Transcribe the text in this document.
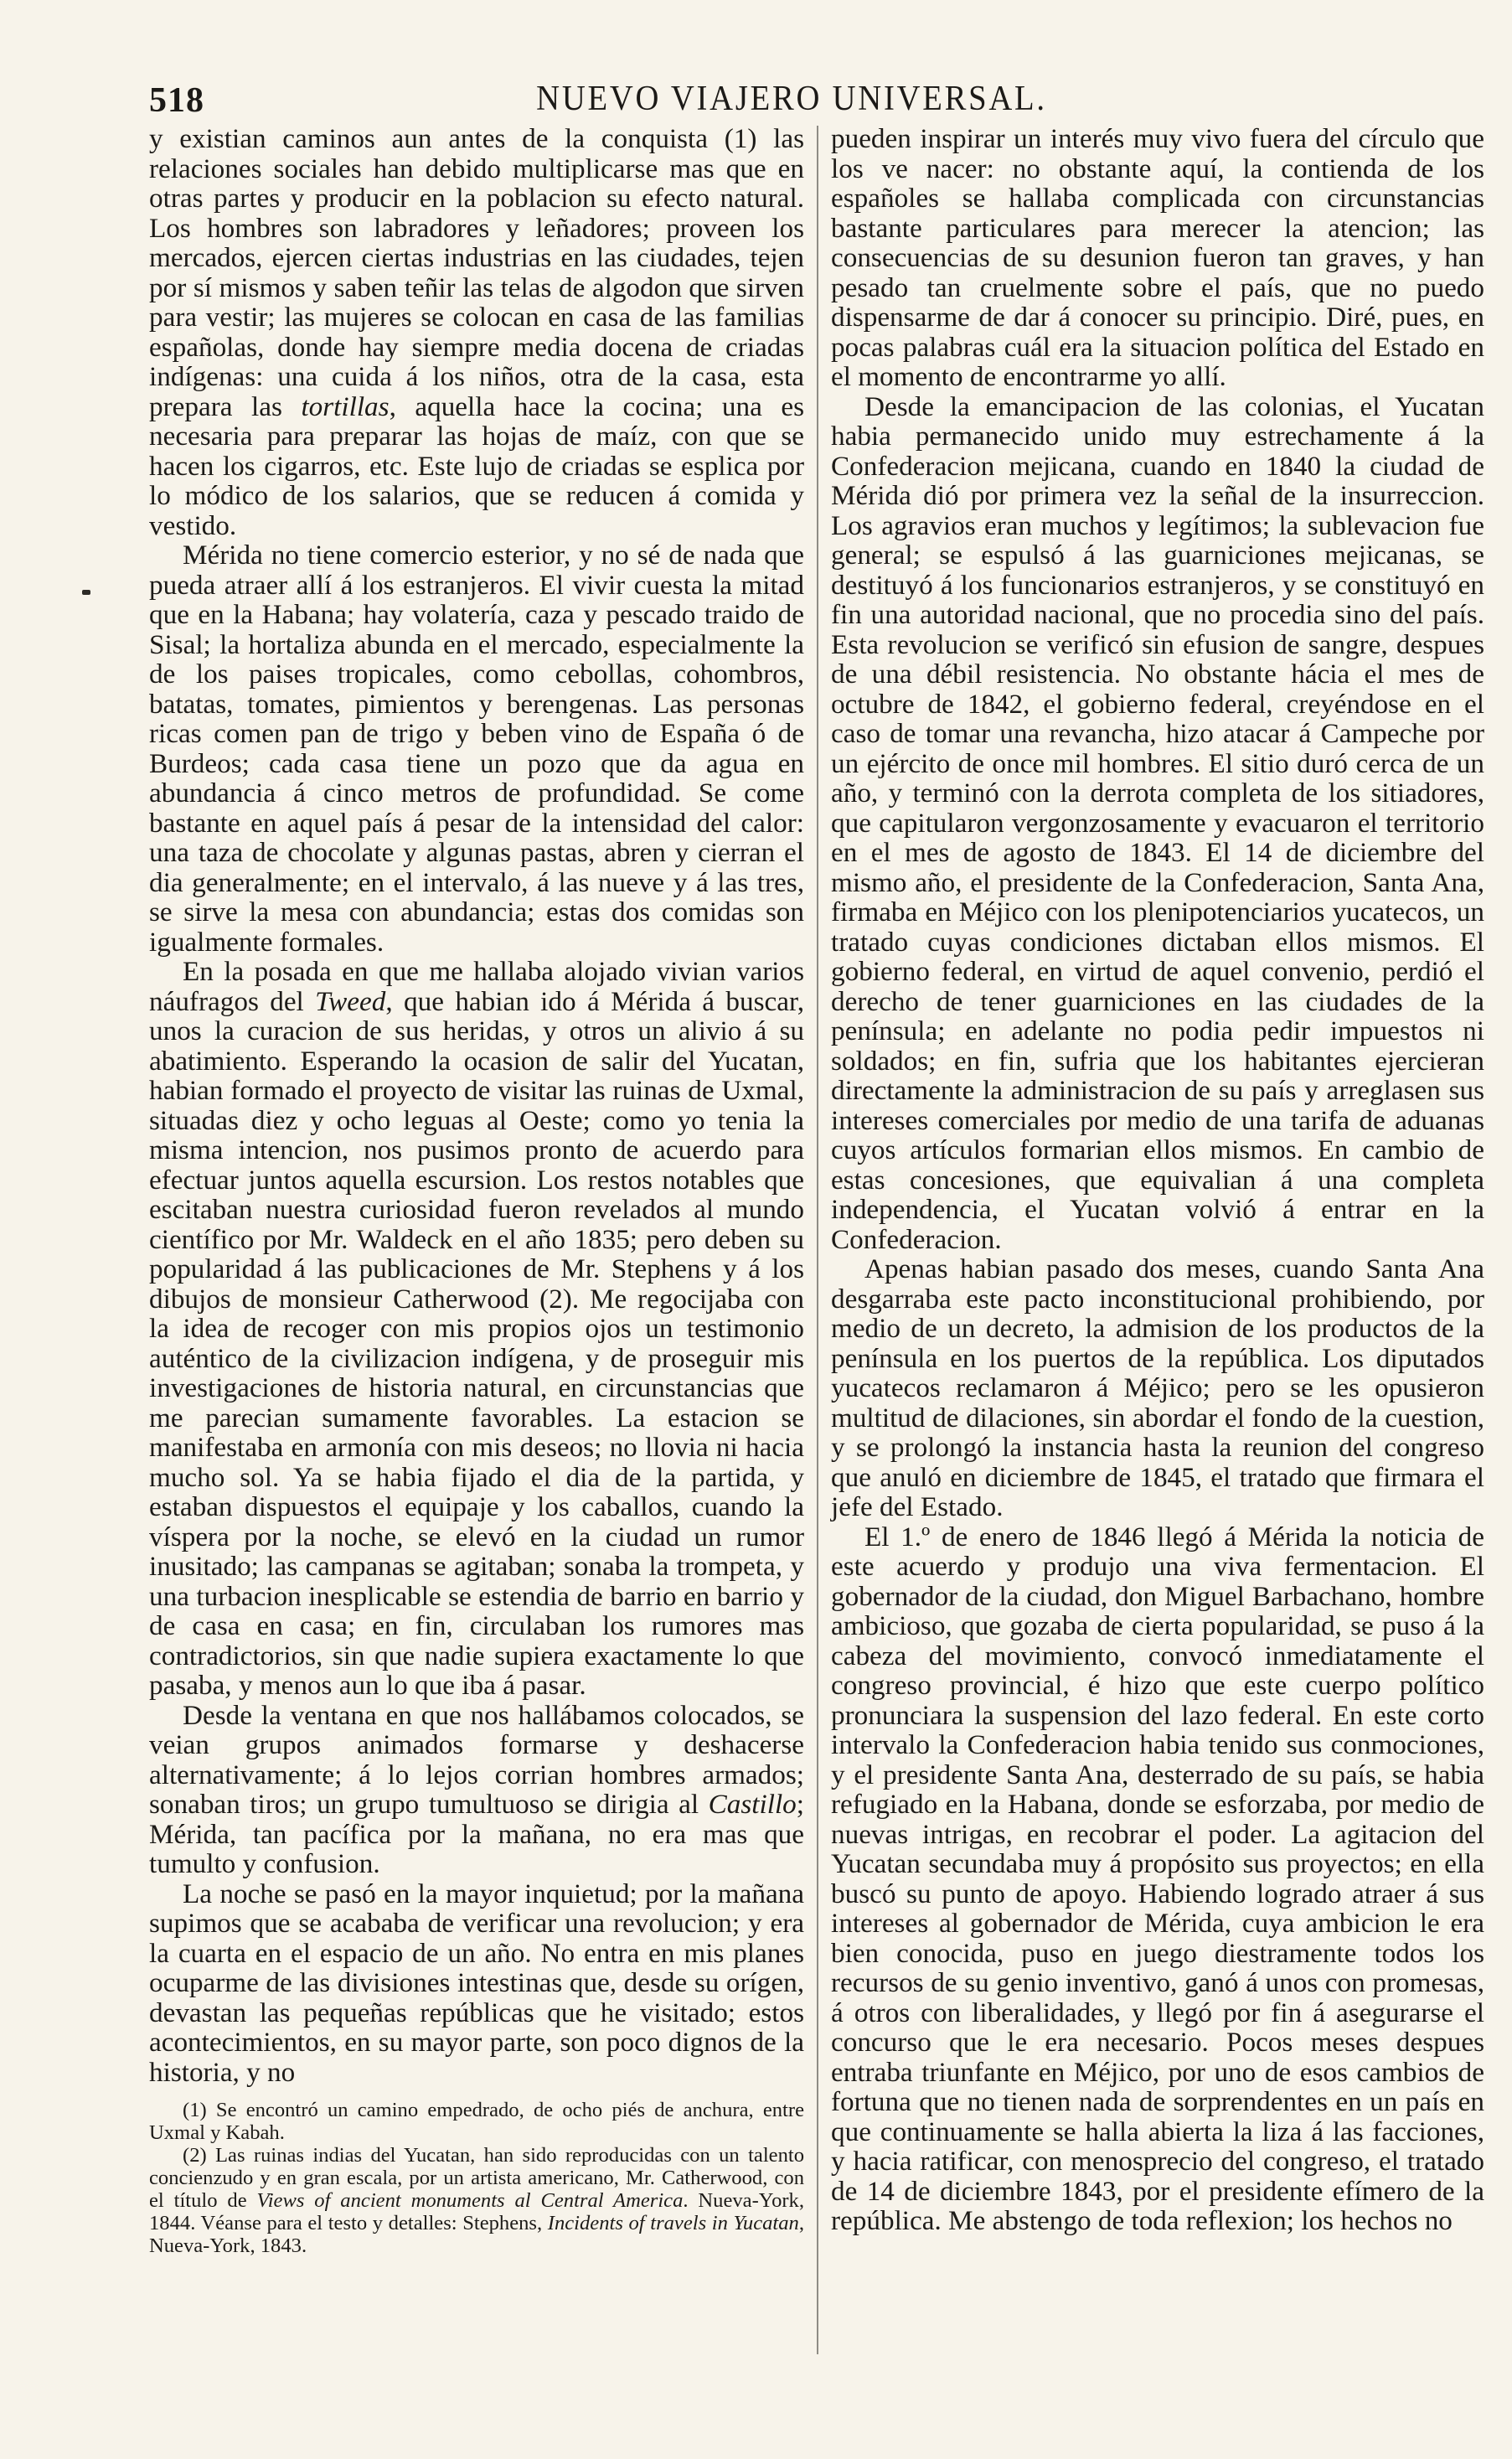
518	NUEVO VIAJERO UNIVERSAL.

y existian caminos aun antes de la conquista (1) las relaciones sociales han debido multiplicarse mas que en otras partes y producir en la poblacion su efecto natural. Los hombres son labradores y leñadores; proveen los mercados, ejercen ciertas industrias en las ciudades, tejen por sí mismos y saben teñir las telas de algodon que sirven para vestir; las mujeres se colocan en casa de las familias españolas, donde hay siempre media docena de criadas indígenas: una cuida á los niños, otra de la casa, esta prepara las tortillas, aquella hace la cocina; una es necesaria para preparar las hojas de maíz, con que se hacen los cigarros, etc. Este lujo de criadas se esplica por lo módico de los salarios, que se reducen á comida y vestido.

Mérida no tiene comercio esterior, y no sé de nada que pueda atraer allí á los estranjeros. El vivir cuesta la mitad que en la Habana; hay volatería, caza y pescado traido de Sisal; la hortaliza abunda en el mercado, especialmente la de los paises tropicales, como cebollas, cohombros, batatas, tomates, pimientos y berengenas. Las personas ricas comen pan de trigo y beben vino de España ó de Burdeos; cada casa tiene un pozo que da agua en abundancia á cinco metros de profundidad. Se come bastante en aquel país á pesar de la intensidad del calor: una taza de chocolate y algunas pastas, abren y cierran el dia generalmente; en el intervalo, á las nueve y á las tres, se sirve la mesa con abundancia; estas dos comidas son igualmente formales.

En la posada en que me hallaba alojado vivian varios náufragos del Tweed, que habian ido á Mérida á buscar, unos la curacion de sus heridas, y otros un alivio á su abatimiento. Esperando la ocasion de salir del Yucatan, habian formado el proyecto de visitar las ruinas de Uxmal, situadas diez y ocho leguas al Oeste; como yo tenia la misma intencion, nos pusimos pronto de acuerdo para efectuar juntos aquella escursion. Los restos notables que escitaban nuestra curiosidad fueron revelados al mundo científico por Mr. Waldeck en el año 1835; pero deben su popularidad á las publicaciones de Mr. Stephens y á los dibujos de monsieur Catherwood (2). Me regocijaba con la idea de recoger con mis propios ojos un testimonio auténtico de la civilizacion indígena, y de proseguir mis investigaciones de historia natural, en circunstancias que me parecian sumamente favorables. La estacion se manifestaba en armonía con mis deseos; no llovia ni hacia mucho sol. Ya se habia fijado el dia de la partida, y estaban dispuestos el equipaje y los caballos, cuando la víspera por la noche, se elevó en la ciudad un rumor inusitado; las campanas se agitaban; sonaba la trompeta, y una turbacion inesplicable se estendia de barrio en barrio y de casa en casa; en fin, circulaban los rumores mas contradictorios, sin que nadie supiera exactamente lo que pasaba, y menos aun lo que iba á pasar.

Desde la ventana en que nos hallábamos colocados, se veian grupos animados formarse y deshacerse alternativamente; á lo lejos corrian hombres armados; sonaban tiros; un grupo tumultuoso se dirigia al Castillo; Mérida, tan pacífica por la mañana, no era mas que tumulto y confusion.

La noche se pasó en la mayor inquietud; por la mañana supimos que se acababa de verificar una revolucion; y era la cuarta en el espacio de un año. No entra en mis planes ocuparme de las divisiones intestinas que, desde su orígen, devastan las pequeñas repúblicas que he visitado; estos acontecimientos, en su mayor parte, son poco dignos de la historia, y no

(1) Se encontró un camino empedrado, de ocho piés de anchura, entre Uxmal y Kabah.

(2) Las ruinas indias del Yucatan, han sido reproducidas con un talento concienzudo y en gran escala, por un artista americano, Mr. Catherwood, con el título de Views of ancient monuments al Central America. Nueva-York, 1844. Véanse para el testo y detalles: Stephens, Incidents of travels in Yucatan, Nueva-York, 1843.

pueden inspirar un interés muy vivo fuera del círculo que los ve nacer: no obstante aquí, la contienda de los españoles se hallaba complicada con circunstancias bastante particulares para merecer la atencion; las consecuencias de su desunion fueron tan graves, y han pesado tan cruelmente sobre el país, que no puedo dispensarme de dar á conocer su principio. Diré, pues, en pocas palabras cuál era la situacion política del Estado en el momento de encontrarme yo allí.

Desde la emancipacion de las colonias, el Yucatan habia permanecido unido muy estrechamente á la Confederacion mejicana, cuando en 1840 la ciudad de Mérida dió por primera vez la señal de la insurreccion. Los agravios eran muchos y legítimos; la sublevacion fue general; se espulsó á las guarniciones mejicanas, se destituyó á los funcionarios estranjeros, y se constituyó en fin una autoridad nacional, que no procedia sino del país. Esta revolucion se verificó sin efusion de sangre, despues de una débil resistencia. No obstante hácia el mes de octubre de 1842, el gobierno federal, creyéndose en el caso de tomar una revancha, hizo atacar á Campeche por un ejército de once mil hombres. El sitio duró cerca de un año, y terminó con la derrota completa de los sitiadores, que capitularon vergonzosamente y evacuaron el territorio en el mes de agosto de 1843. El 14 de diciembre del mismo año, el presidente de la Confederacion, Santa Ana, firmaba en Méjico con los plenipotenciarios yucatecos, un tratado cuyas condiciones dictaban ellos mismos. El gobierno federal, en virtud de aquel convenio, perdió el derecho de tener guarniciones en las ciudades de la península; en adelante no podia pedir impuestos ni soldados; en fin, sufria que los habitantes ejercieran directamente la administracion de su país y arreglasen sus intereses comerciales por medio de una tarifa de aduanas cuyos artículos formarian ellos mismos. En cambio de estas concesiones, que equivalian á una completa independencia, el Yucatan volvió á entrar en la Confederacion.

Apenas habian pasado dos meses, cuando Santa Ana desgarraba este pacto inconstitucional prohibiendo, por medio de un decreto, la admision de los productos de la península en los puertos de la república. Los diputados yucatecos reclamaron á Méjico; pero se les opusieron multitud de dilaciones, sin abordar el fondo de la cuestion, y se prolongó la instancia hasta la reunion del congreso que anuló en diciembre de 1845, el tratado que firmara el jefe del Estado.

El 1.º de enero de 1846 llegó á Mérida la noticia de este acuerdo y produjo una viva fermentacion. El gobernador de la ciudad, don Miguel Barbachano, hombre ambicioso, que gozaba de cierta popularidad, se puso á la cabeza del movimiento, convocó inmediatamente el congreso provincial, é hizo que este cuerpo político pronunciara la suspension del lazo federal. En este corto intervalo la Confederacion habia tenido sus conmociones, y el presidente Santa Ana, desterrado de su país, se habia refugiado en la Habana, donde se esforzaba, por medio de nuevas intrigas, en recobrar el poder. La agitacion del Yucatan secundaba muy á propósito sus proyectos; en ella buscó su punto de apoyo. Habiendo logrado atraer á sus intereses al gobernador de Mérida, cuya ambicion le era bien conocida, puso en juego diestramente todos los recursos de su genio inventivo, ganó á unos con promesas, á otros con liberalidades, y llegó por fin á asegurarse el concurso que le era necesario. Pocos meses despues entraba triunfante en Méjico, por uno de esos cambios de fortuna que no tienen nada de sorprendentes en un país en que continuamente se halla abierta la liza á las facciones, y hacia ratificar, con menosprecio del congreso, el tratado de 14 de diciembre 1843, por el presidente efímero de la república. Me abstengo de toda reflexion; los hechos no
